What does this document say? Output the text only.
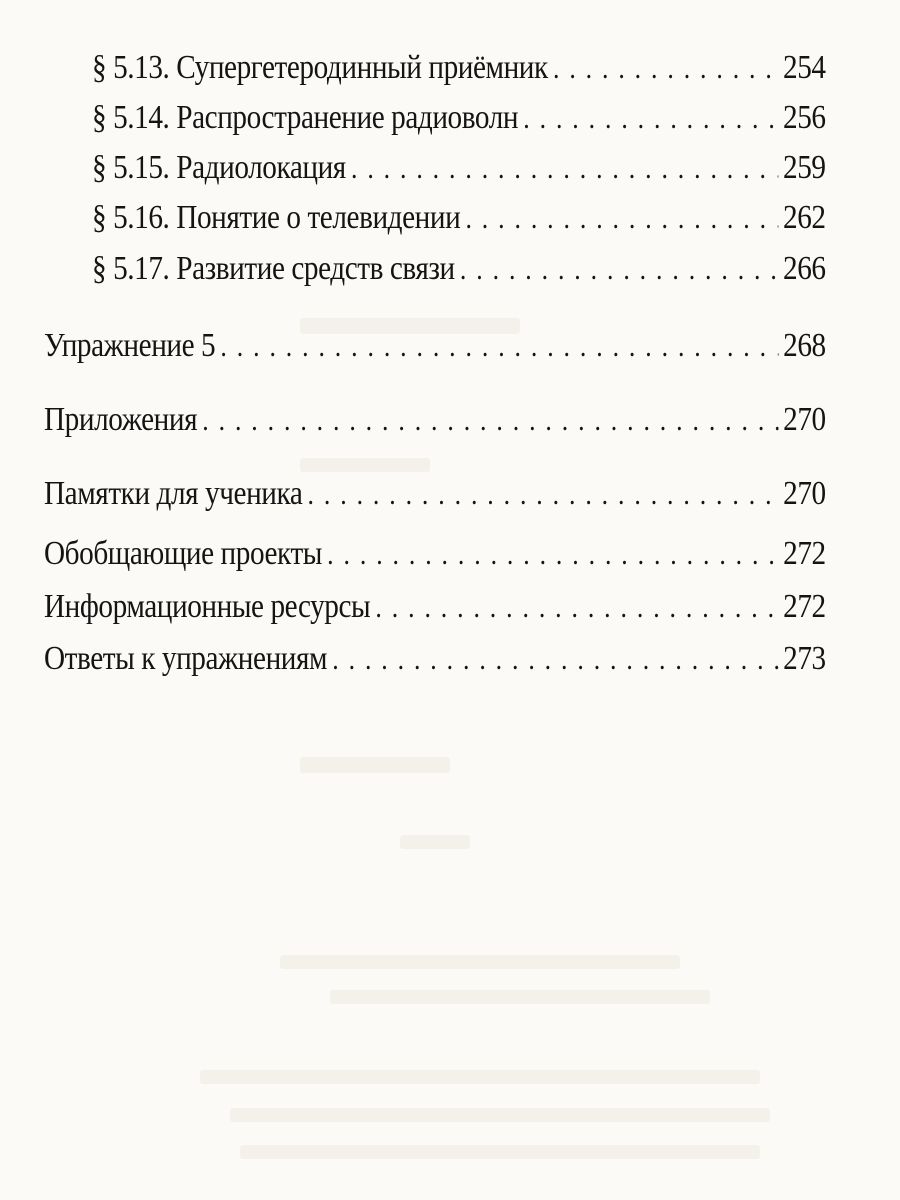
§ 5.13. Супергетеродинный приёмник . . .	254
§ 5.14. Распространение радиоволн . . .	256
§ 5.15. Радиолокация . . .	259
§ 5.16. Понятие о телевидении . . .	262
§ 5.17. Развитие средств связи . . .	266
Упражнение 5 . . .	268
Приложения . . .	270
Памятки для ученика . . .	270
Обобщающие проекты . . .	272
Информационные ресурсы . . .	272
Ответы к упражнениям . . .	273
